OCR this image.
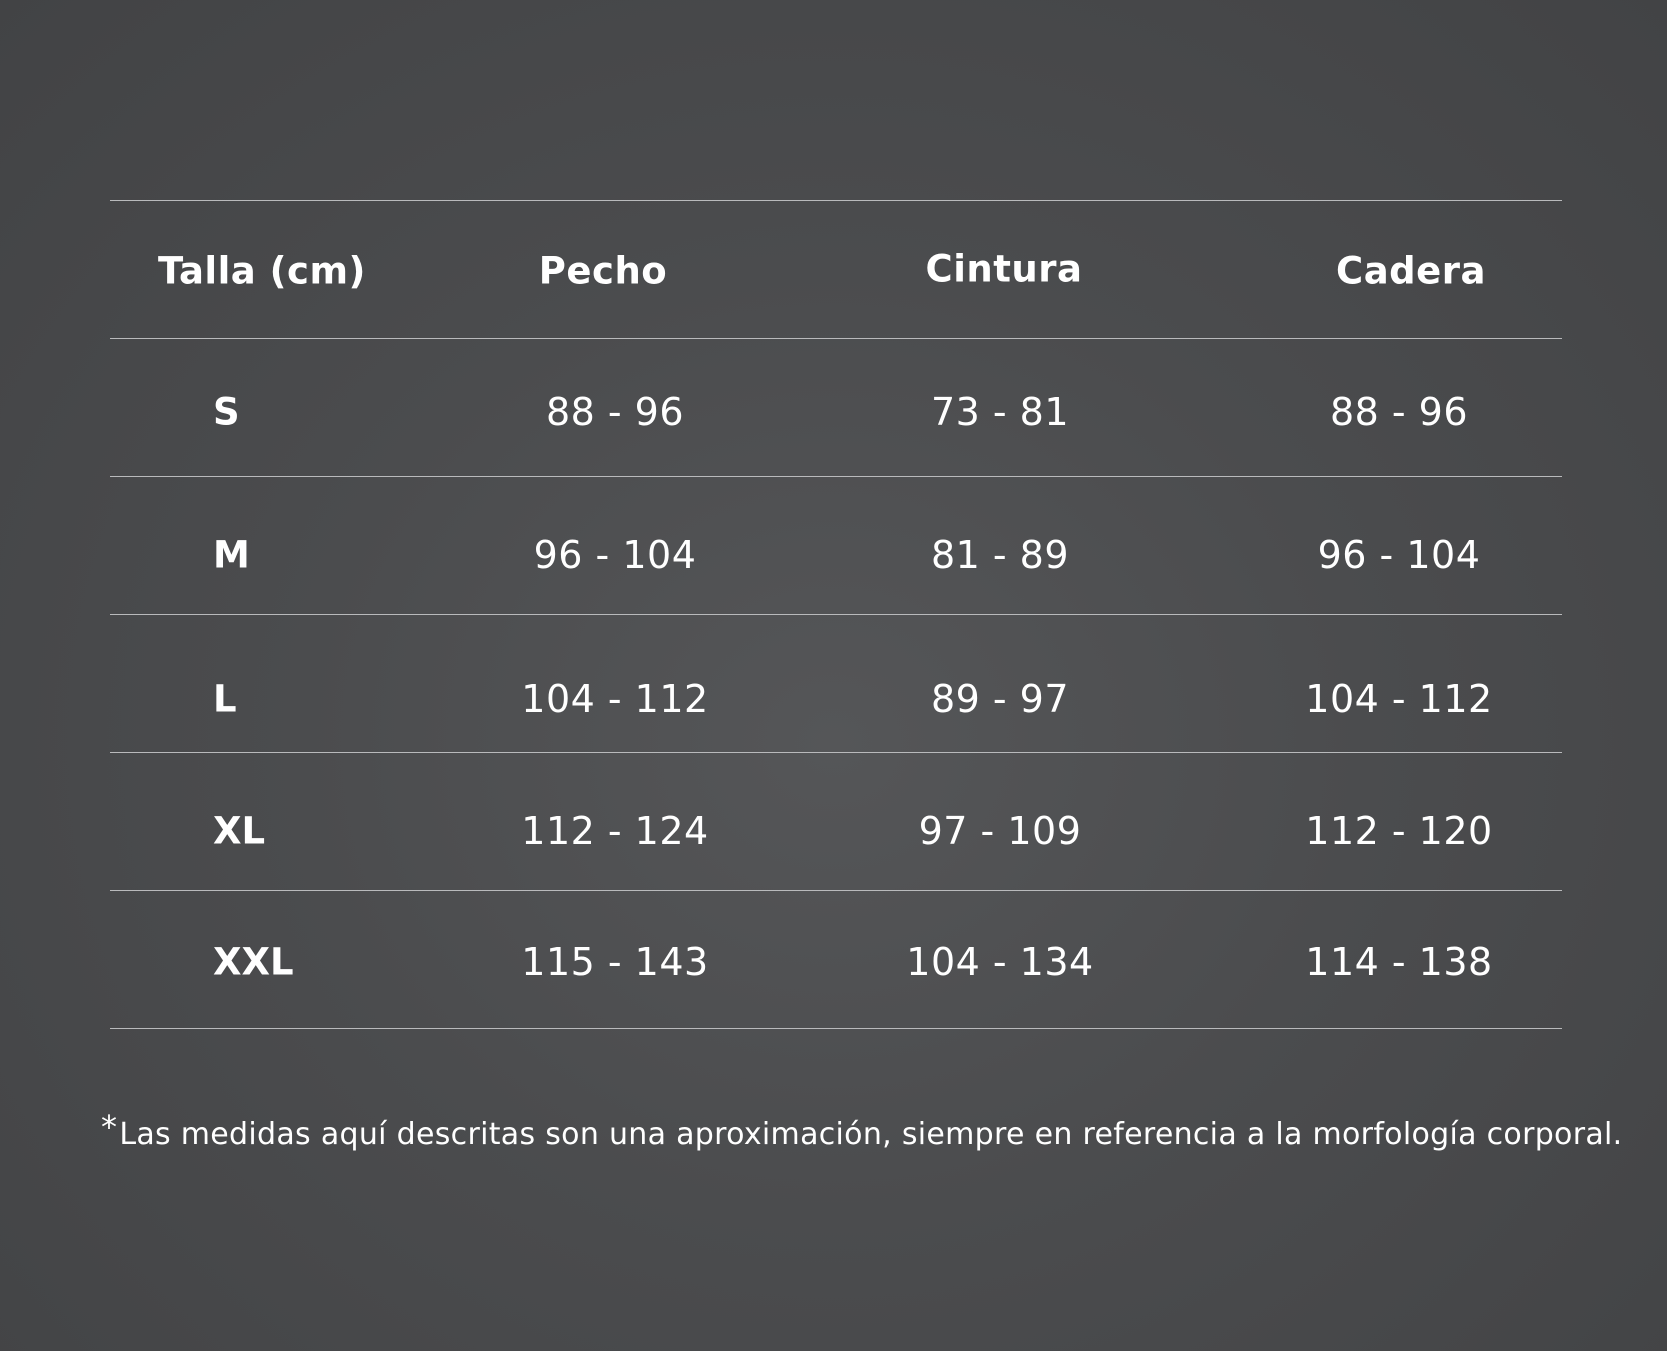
Talla (cm)	Pecho	Cintura	Cadera
S	88 - 96	73 - 81	88 - 96
M	96 - 104	81 - 89	96 - 104
L	104 - 112	89 - 97	104 - 112
XL	112 - 124	97 - 109	112 - 120
XXL	115 - 143	104 - 134	114 - 138
*Las medidas aquí descritas son una aproximación, siempre en referencia a la morfología corporal.
